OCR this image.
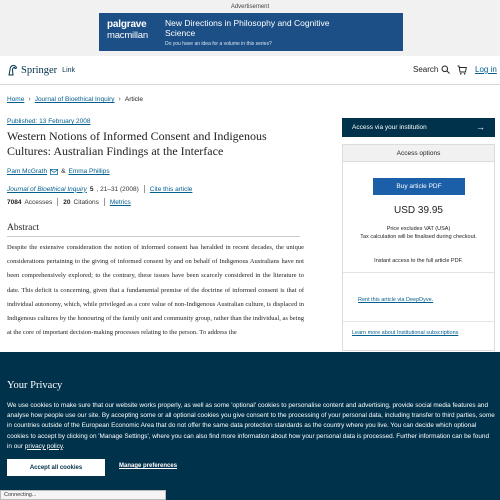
Advertisement
palgrave
macmillan
New Directions in Philosophy and Cognitive Science
Do you have an idea for a volume in this series?
Springer Link	Search	Log in
Home › Journal of Bioethical Inquiry › Article
Published: 13 February 2008
Western Notions of Informed Consent and Indigenous Cultures: Australian Findings at the Interface
Pam McGrath & Emma Phillips
Journal of Bioethical Inquiry 5 , 21–31 (2008) Cite this article
7084 Accesses 20 Citations Metrics
Abstract

Despite the extensive consideration the notion of informed consent has heralded in recent decades, the unique considerations pertaining to the giving of informed consent by and on behalf of Indigenous Australians have not been comprehensively explored; to the contrary, these issues have been scarcely considered in the literature to date. This deficit is concerning, given that a fundamental premise of the doctrine of informed consent is that of individual autonomy, which, while privileged as a core value of non-Indigenous Australian culture, is displaced in Indigenous cultures by the honouring of the family unit and community group, rather than the individual, as being at the core of important decision-making processes relating to the person. To address the

Access via your institution	→
Access options
Buy article PDF
USD 39.95
Price excludes VAT (USA)
Tax calculation will be finalised during checkout.
Instant access to the full article PDF.
Rent this article via DeepDyve.
Learn more about Institutional subscriptions
Your Privacy

We use cookies to make sure that our website works properly, as well as some 'optional' cookies to personalise content and advertising, provide social media features and analyse how people use our site. By accepting some or all optional cookies you give consent to the processing of your personal data, including transfer to third parties, some in countries outside of the European Economic Area that do not offer the same data protection standards as the country where you live. You can decide which optional cookies to accept by clicking on 'Manage Settings', where you can also find more information about how your personal data is processed. Further information can be found in our privacy policy.

Accept all cookies	Manage preferences
Connecting...
